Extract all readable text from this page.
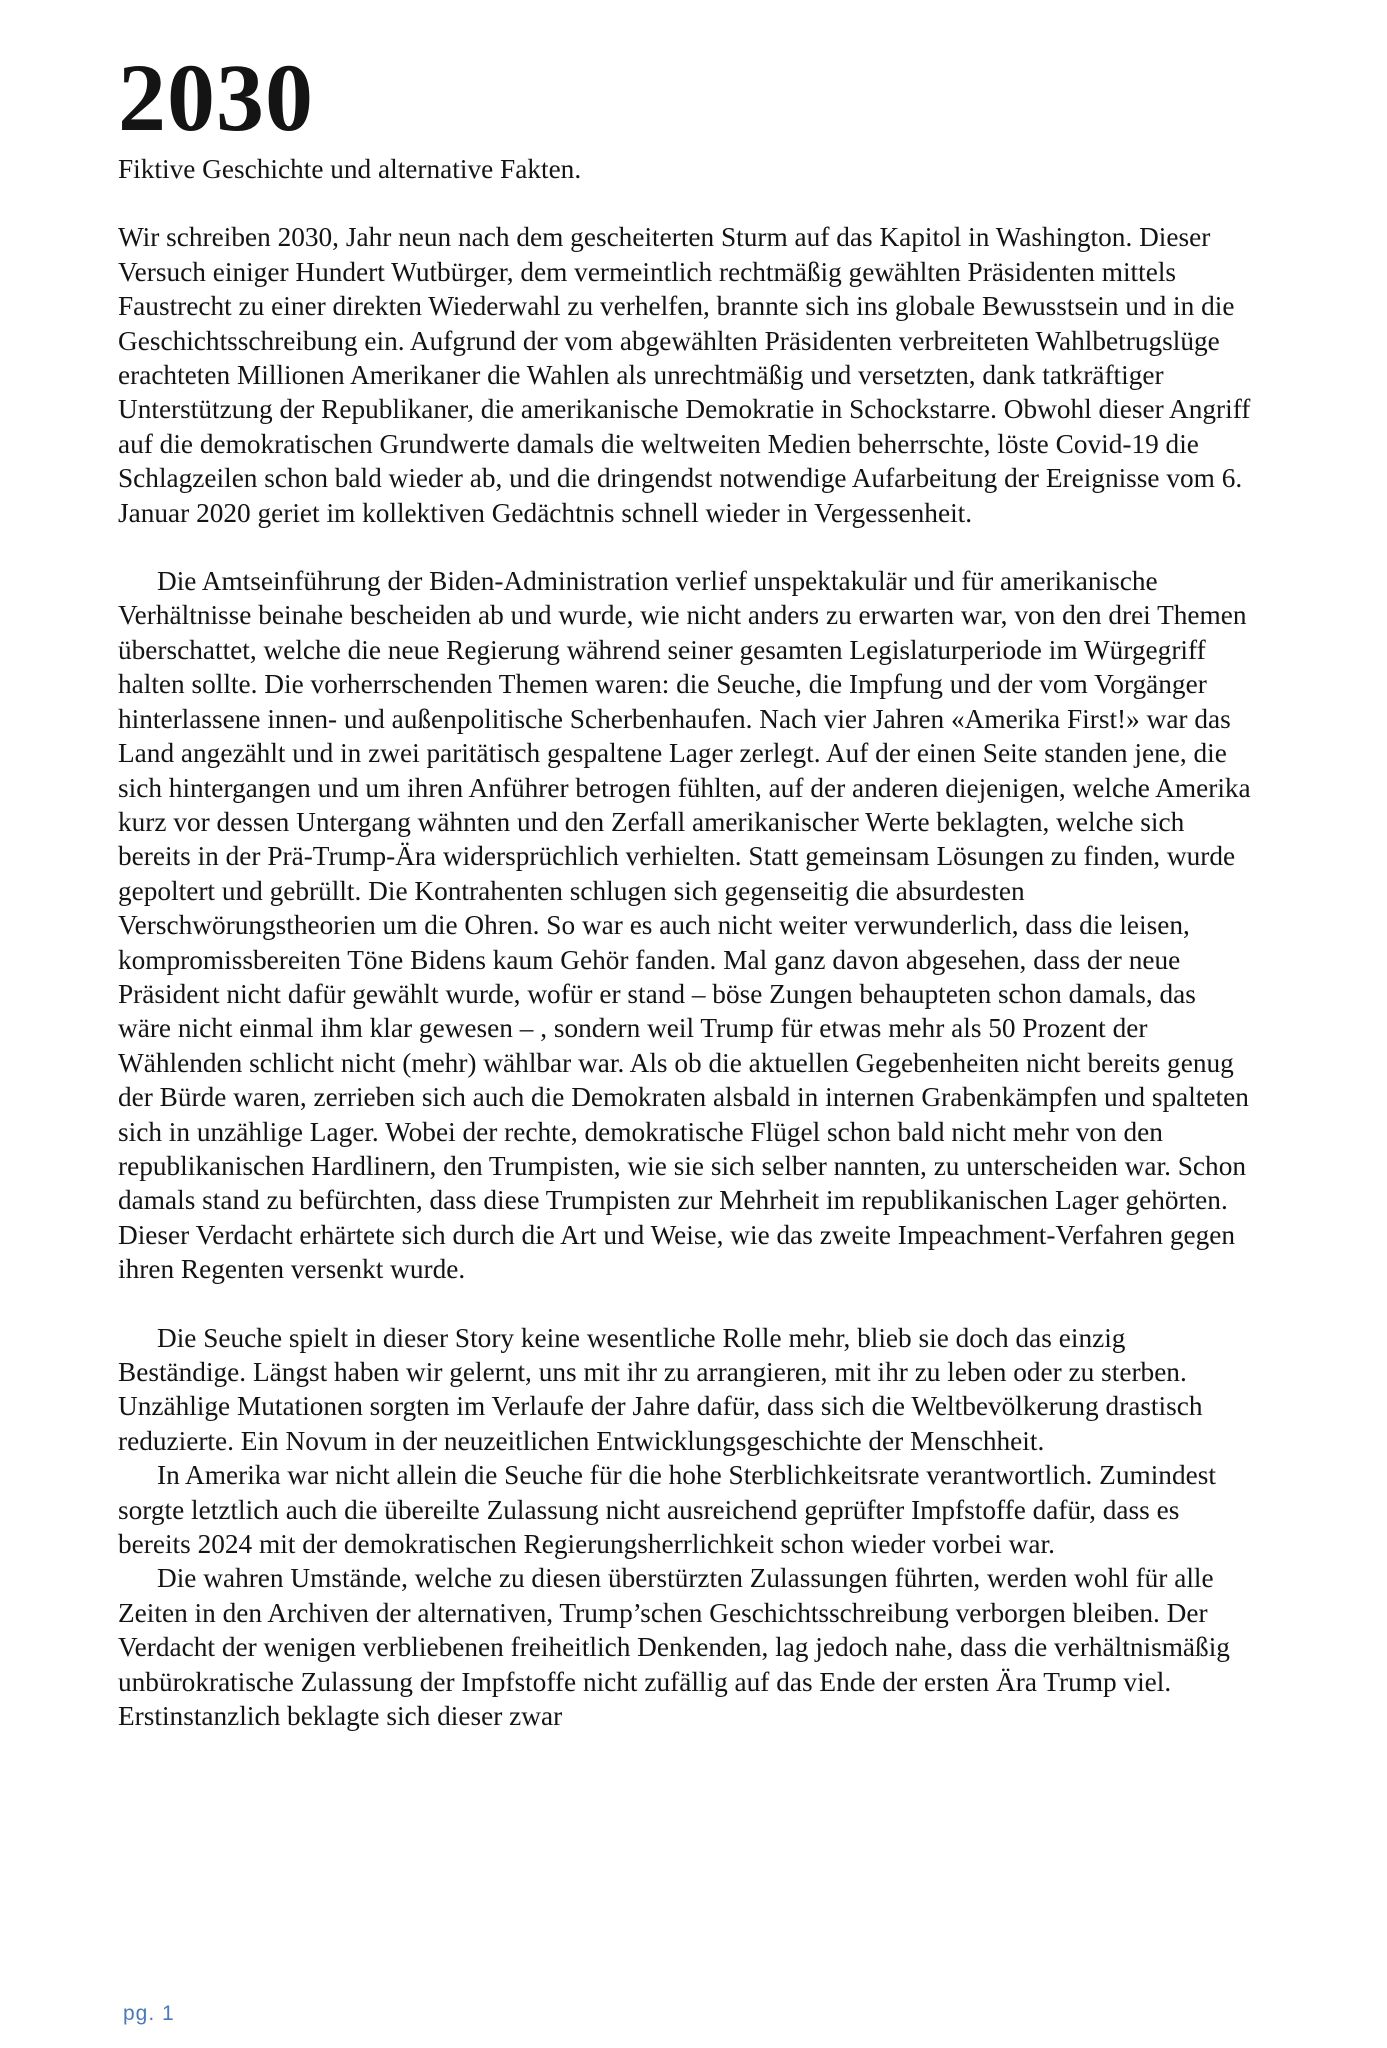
2030

Fiktive Geschichte und alternative Fakten.

Wir schreiben 2030, Jahr neun nach dem gescheiterten Sturm auf das Kapitol in Washington. Dieser Versuch einiger Hundert Wutbürger, dem vermeintlich rechtmäßig gewählten Präsidenten mittels Faustrecht zu einer direkten Wiederwahl zu verhelfen, brannte sich ins globale Bewusstsein und in die Geschichtsschreibung ein. Aufgrund der vom abgewählten Präsidenten verbreiteten Wahlbetrugslüge erachteten Millionen Amerikaner die Wahlen als unrechtmäßig und versetzten, dank tatkräftiger Unterstützung der Republikaner, die amerikanische Demokratie in Schockstarre. Obwohl dieser Angriff auf die demokratischen Grundwerte damals die weltweiten Medien beherrschte, löste Covid-19 die Schlagzeilen schon bald wieder ab, und die dringendst notwendige Aufarbeitung der Ereignisse vom 6. Januar 2020 geriet im kollektiven Gedächtnis schnell wieder in Vergessenheit.

Die Amtseinführung der Biden-Administration verlief unspektakulär und für amerikanische Verhältnisse beinahe bescheiden ab und wurde, wie nicht anders zu erwarten war, von den drei Themen überschattet, welche die neue Regierung während seiner gesamten Legislaturperiode im Würgegriff halten sollte. Die vorherrschenden Themen waren: die Seuche, die Impfung und der vom Vorgänger hinterlassene innen- und außenpolitische Scherbenhaufen. Nach vier Jahren «Amerika First!» war das Land angezählt und in zwei paritätisch gespaltene Lager zerlegt. Auf der einen Seite standen jene, die sich hintergangen und um ihren Anführer betrogen fühlten, auf der anderen diejenigen, welche Amerika kurz vor dessen Untergang wähnten und den Zerfall amerikanischer Werte beklagten, welche sich bereits in der Prä-Trump-Ära widersprüchlich verhielten. Statt gemeinsam Lösungen zu finden, wurde gepoltert und gebrüllt. Die Kontrahenten schlugen sich gegenseitig die absurdesten Verschwörungstheorien um die Ohren. So war es auch nicht weiter verwunderlich, dass die leisen, kompromissbereiten Töne Bidens kaum Gehör fanden. Mal ganz davon abgesehen, dass der neue Präsident nicht dafür gewählt wurde, wofür er stand – böse Zungen behaupteten schon damals, das wäre nicht einmal ihm klar gewesen – , sondern weil Trump für etwas mehr als 50 Prozent der Wählenden schlicht nicht (mehr) wählbar war. Als ob die aktuellen Gegebenheiten nicht bereits genug der Bürde waren, zerrieben sich auch die Demokraten alsbald in internen Grabenkämpfen und spalteten sich in unzählige Lager. Wobei der rechte, demokratische Flügel schon bald nicht mehr von den republikanischen Hardlinern, den Trumpisten, wie sie sich selber nannten, zu unterscheiden war. Schon damals stand zu befürchten, dass diese Trumpisten zur Mehrheit im republikanischen Lager gehörten. Dieser Verdacht erhärtete sich durch die Art und Weise, wie das zweite Impeachment-Verfahren gegen ihren Regenten versenkt wurde.

Die Seuche spielt in dieser Story keine wesentliche Rolle mehr, blieb sie doch das einzig Beständige. Längst haben wir gelernt, uns mit ihr zu arrangieren, mit ihr zu leben oder zu sterben. Unzählige Mutationen sorgten im Verlaufe der Jahre dafür, dass sich die Weltbevölkerung drastisch reduzierte. Ein Novum in der neuzeitlichen Entwicklungsgeschichte der Menschheit.

In Amerika war nicht allein die Seuche für die hohe Sterblichkeitsrate verantwortlich. Zumindest sorgte letztlich auch die übereilte Zulassung nicht ausreichend geprüfter Impfstoffe dafür, dass es bereits 2024 mit der demokratischen Regierungsherrlichkeit schon wieder vorbei war.

Die wahren Umstände, welche zu diesen überstürzten Zulassungen führten, werden wohl für alle Zeiten in den Archiven der alternativen, Trump’schen Geschichtsschreibung verborgen bleiben. Der Verdacht der wenigen verbliebenen freiheitlich Denkenden, lag jedoch nahe, dass die verhältnismäßig unbürokratische Zulassung der Impfstoffe nicht zufällig auf das Ende der ersten Ära Trump viel. Erstinstanzlich beklagte sich dieser zwar

pg. 1
